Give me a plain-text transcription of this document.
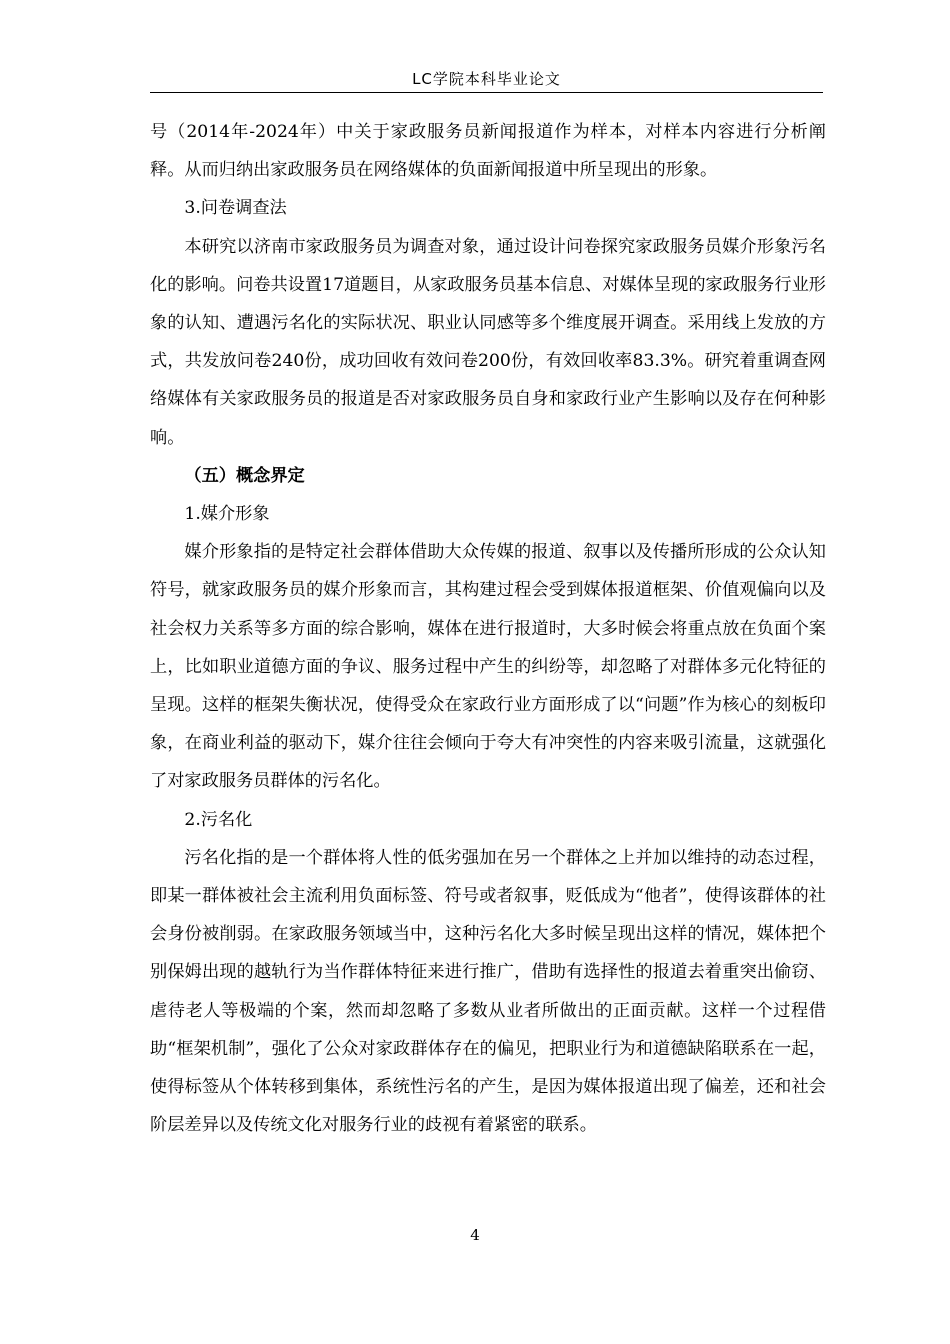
LC学院本科毕业论文

号（2014年-2024年）中关于家政服务员新闻报道作为样本，对样本内容进行分析阐释。从而归纳出家政服务员在网络媒体的负面新闻报道中所呈现出的形象。

3.问卷调查法

本研究以济南市家政服务员为调查对象，通过设计问卷探究家政服务员媒介形象污名化的影响。问卷共设置17道题目，从家政服务员基本信息、对媒体呈现的家政服务行业形象的认知、遭遇污名化的实际状况、职业认同感等多个维度展开调查。采用线上发放的方式，共发放问卷240份，成功回收有效问卷200份，有效回收率83.3%。研究着重调查网络媒体有关家政服务员的报道是否对家政服务员自身和家政行业产生影响以及存在何种影响。

（五）概念界定

1.媒介形象

媒介形象指的是特定社会群体借助大众传媒的报道、叙事以及传播所形成的公众认知符号，就家政服务员的媒介形象而言，其构建过程会受到媒体报道框架、价值观偏向以及社会权力关系等多方面的综合影响，媒体在进行报道时，大多时候会将重点放在负面个案上，比如职业道德方面的争议、服务过程中产生的纠纷等，却忽略了对群体多元化特征的呈现。这样的框架失衡状况，使得受众在家政行业方面形成了以“问题”作为核心的刻板印象，在商业利益的驱动下，媒介往往会倾向于夸大有冲突性的内容来吸引流量，这就强化了对家政服务员群体的污名化。

2.污名化

污名化指的是一个群体将人性的低劣强加在另一个群体之上并加以维持的动态过程，即某一群体被社会主流利用负面标签、符号或者叙事，贬低成为“他者”，使得该群体的社会身份被削弱。在家政服务领域当中，这种污名化大多时候呈现出这样的情况，媒体把个别保姆出现的越轨行为当作群体特征来进行推广，借助有选择性的报道去着重突出偷窃、虐待老人等极端的个案，然而却忽略了多数从业者所做出的正面贡献。这样一个过程借助“框架机制”，强化了公众对家政群体存在的偏见，把职业行为和道德缺陷联系在一起，使得标签从个体转移到集体，系统性污名的产生，是因为媒体报道出现了偏差，还和社会阶层差异以及传统文化对服务行业的歧视有着紧密的联系。

4
